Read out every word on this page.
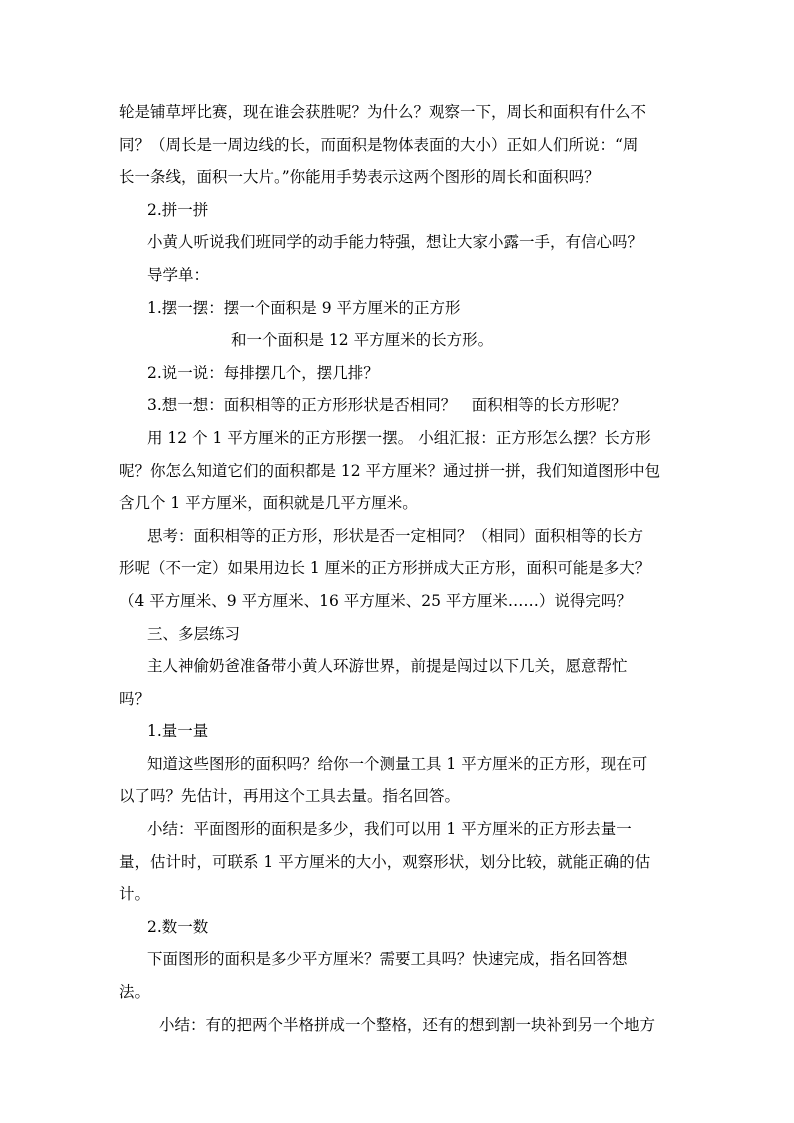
轮是铺草坪比赛，现在谁会获胜呢？为什么？观察一下，周长和面积有什么不

同？（周长是一周边线的长，而面积是物体表面的大小）正如人们所说：“周

长一条线，面积一大片。”你能用手势表示这两个图形的周长和面积吗？

2.拼一拼

小黄人听说我们班同学的动手能力特强，想让大家小露一手，有信心吗？

导学单：

1.摆一摆：摆一个面积是 9 平方厘米的正方形

和一个面积是 12 平方厘米的长方形。

2.说一说：每排摆几个，摆几排？

3.想一想：面积相等的正方形形状是否相同？　面积相等的长方形呢？

用 12 个 1 平方厘米的正方形摆一摆。 小组汇报：正方形怎么摆？长方形

呢？你怎么知道它们的面积都是 12 平方厘米？通过拼一拼，我们知道图形中包

含几个 1 平方厘米，面积就是几平方厘米。

思考：面积相等的正方形，形状是否一定相同？（相同）面积相等的长方

形呢（不一定）如果用边长 1 厘米的正方形拼成大正方形，面积可能是多大？

（4 平方厘米、9 平方厘米、16 平方厘米、25 平方厘米……）说得完吗？

三、多层练习

主人神偷奶爸准备带小黄人环游世界，前提是闯过以下几关，愿意帮忙

吗？

1.量一量

知道这些图形的面积吗？给你一个测量工具 1 平方厘米的正方形，现在可

以了吗？先估计，再用这个工具去量。指名回答。

小结：平面图形的面积是多少，我们可以用 1 平方厘米的正方形去量一

量，估计时，可联系 1 平方厘米的大小，观察形状，划分比较，就能正确的估

计。

2.数一数

下面图形的面积是多少平方厘米？需要工具吗？快速完成，指名回答想

法。

小结：有的把两个半格拼成一个整格，还有的想到割一块补到另一个地方
